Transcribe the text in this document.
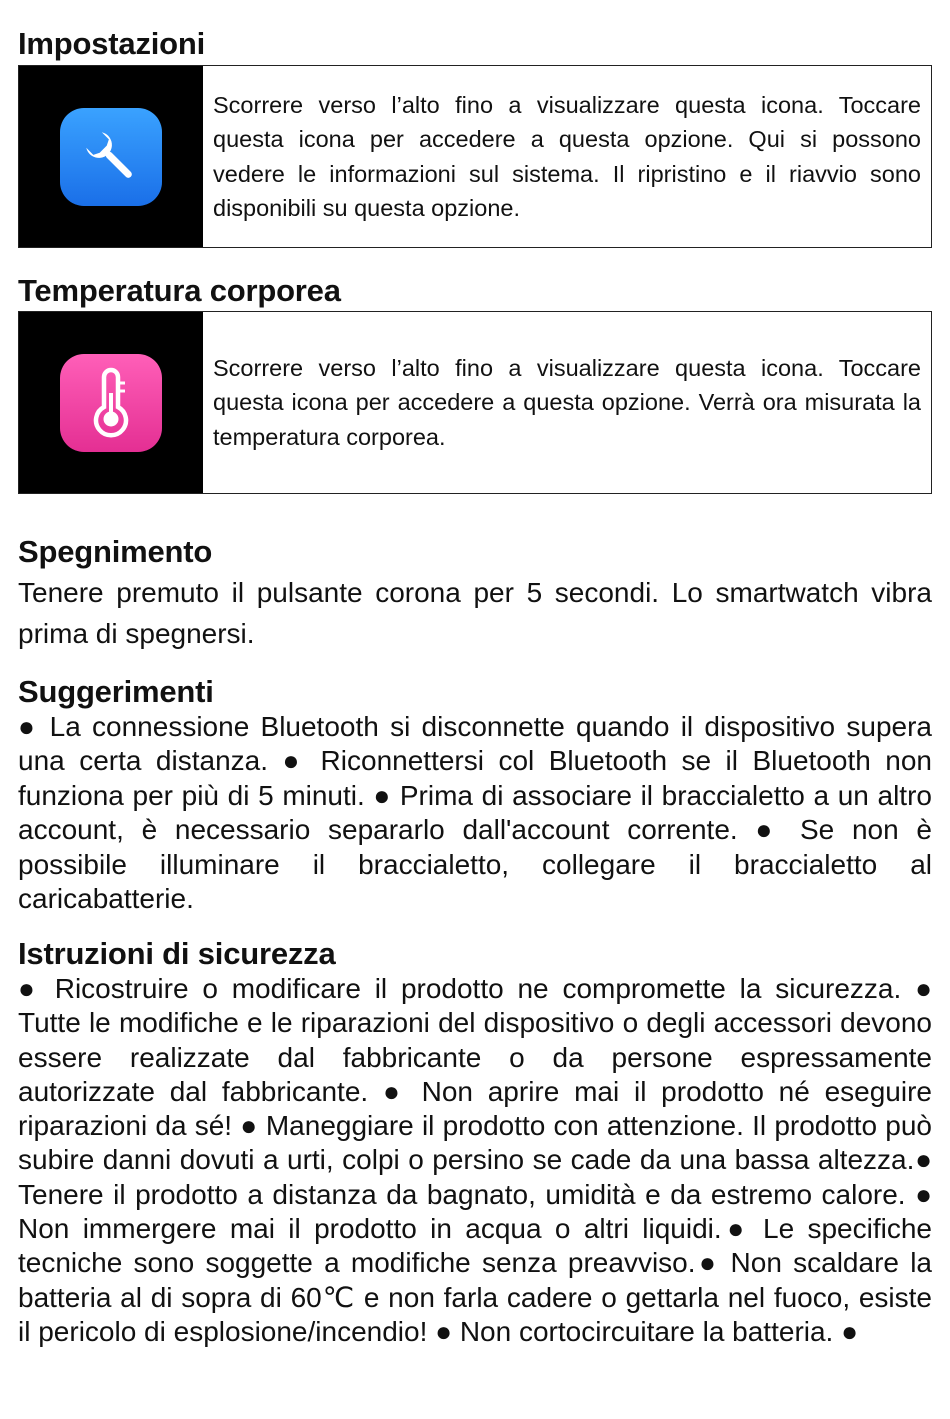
Impostazioni
Scorrere verso l’alto fino a visualizzare questa icona. Toccare questa icona per accedere a questa opzione. Qui si possono vedere le informazioni sul sistema. Il ripristino e il riavvio sono disponibili su questa opzione.
Temperatura corporea
Scorrere verso l’alto fino a visualizzare questa icona. Toccare questa icona per accedere a questa opzione. Verrà ora misurata la temperatura corporea.
Spegnimento

Tenere premuto il pulsante corona per 5 secondi. Lo smartwatch vibra prima di spegnersi.

Suggerimenti

● La connessione Bluetooth si disconnette quando il dispositivo supera una certa distanza. ● Riconnettersi col Bluetooth se il Bluetooth non funziona per più di 5 minuti. ● Prima di associare il braccialetto a un altro account, è necessario separarlo dall'account corrente. ● Se non è possibile illuminare il braccialetto, collegare il braccialetto al caricabatterie.

Istruzioni di sicurezza

● Ricostruire o modificare il prodotto ne compromette la sicurezza. ● Tutte le modifiche e le riparazioni del dispositivo o degli accessori devono essere realizzate dal fabbricante o da persone espressamente autorizzate dal fabbricante. ● Non aprire mai il prodotto né eseguire riparazioni da sé! ● Maneggiare il prodotto con attenzione. Il prodotto può subire danni dovuti a urti, colpi o persino se cade da una bassa altezza.● Tenere il prodotto a distanza da bagnato, umidità e da estremo calore. ● Non immergere mai il prodotto in acqua o altri liquidi.● Le specifiche tecniche sono soggette a modifiche senza preavviso.● Non scaldare la batteria al di sopra di 60℃ e non farla cadere o gettarla nel fuoco, esiste il pericolo di esplosione/incendio! ● Non cortocircuitare la batteria. ●
